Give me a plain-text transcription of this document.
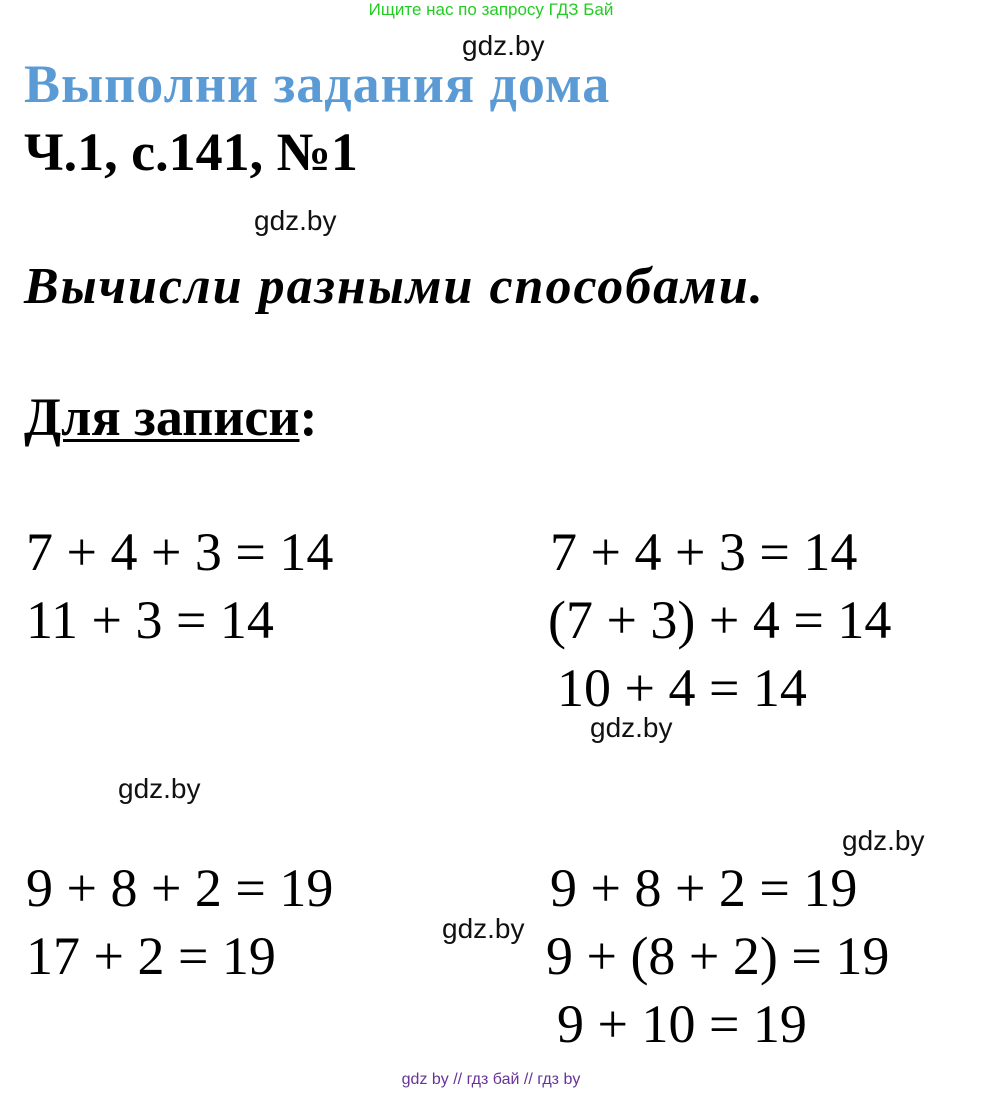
Ищите нас по запросу ГДЗ Бай
gdz.by
Выполни задания дома
Ч.1, с.141, №1
gdz.by
Вычисли разными способами.
Для записи:
7 + 4 + 3 = 14
11 + 3 = 14
7 + 4 + 3 = 14
(7 + 3) + 4 = 14
10 + 4 = 14
gdz.by
gdz.by
gdz.by
9 + 8 + 2 = 19
17 + 2 = 19	gdz.by
9 + 8 + 2 = 19
9 + (8 + 2) = 19
9 + 10 = 19
gdz by // гдз бай // гдз by
